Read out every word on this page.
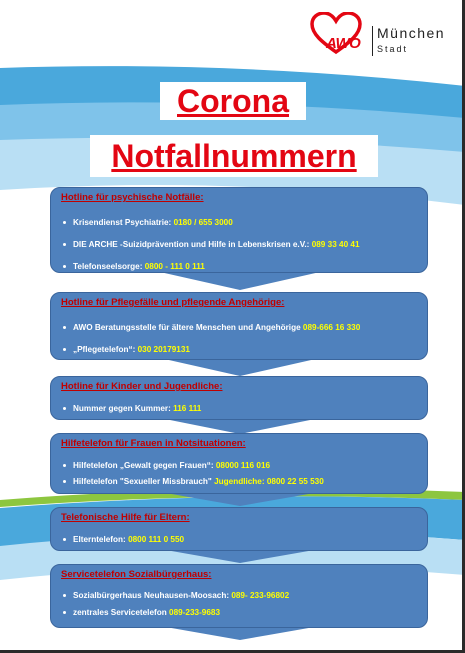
AWO
München
Stadt
Corona
Notfallnummern
Hotline für psychische Notfälle:
Krisendienst Psychiatrie: 0180 / 655 3000
DIE ARCHE -Suizidprävention und Hilfe in Lebenskrisen e.V.: 089 33 40 41
Telefonseelsorge: 0800 - 111 0 111
Hotline für Pflegefälle und pflegende Angehörige:
AWO Beratungsstelle für ältere Menschen und Angehörige 089-666 16 330
„Pflegetelefon“: 030 20179131
Hotline für Kinder und Jugendliche:
Nummer gegen Kummer: 116 111
Hilfetelefon für Frauen in Notsituationen:
Hilfetelefon „Gewalt gegen Frauen“: 08000 116 016
Hilfetelefon "Sexueller Missbrauch" Jugendliche: 0800 22 55 530
Telefonische Hilfe für Eltern:
Elterntelefon: 0800 111 0 550
Servicetelefon Sozialbürgerhaus:
Sozialbürgerhaus Neuhausen-Moosach: 089- 233-96802
zentrales Servicetelefon 089-233-9683
